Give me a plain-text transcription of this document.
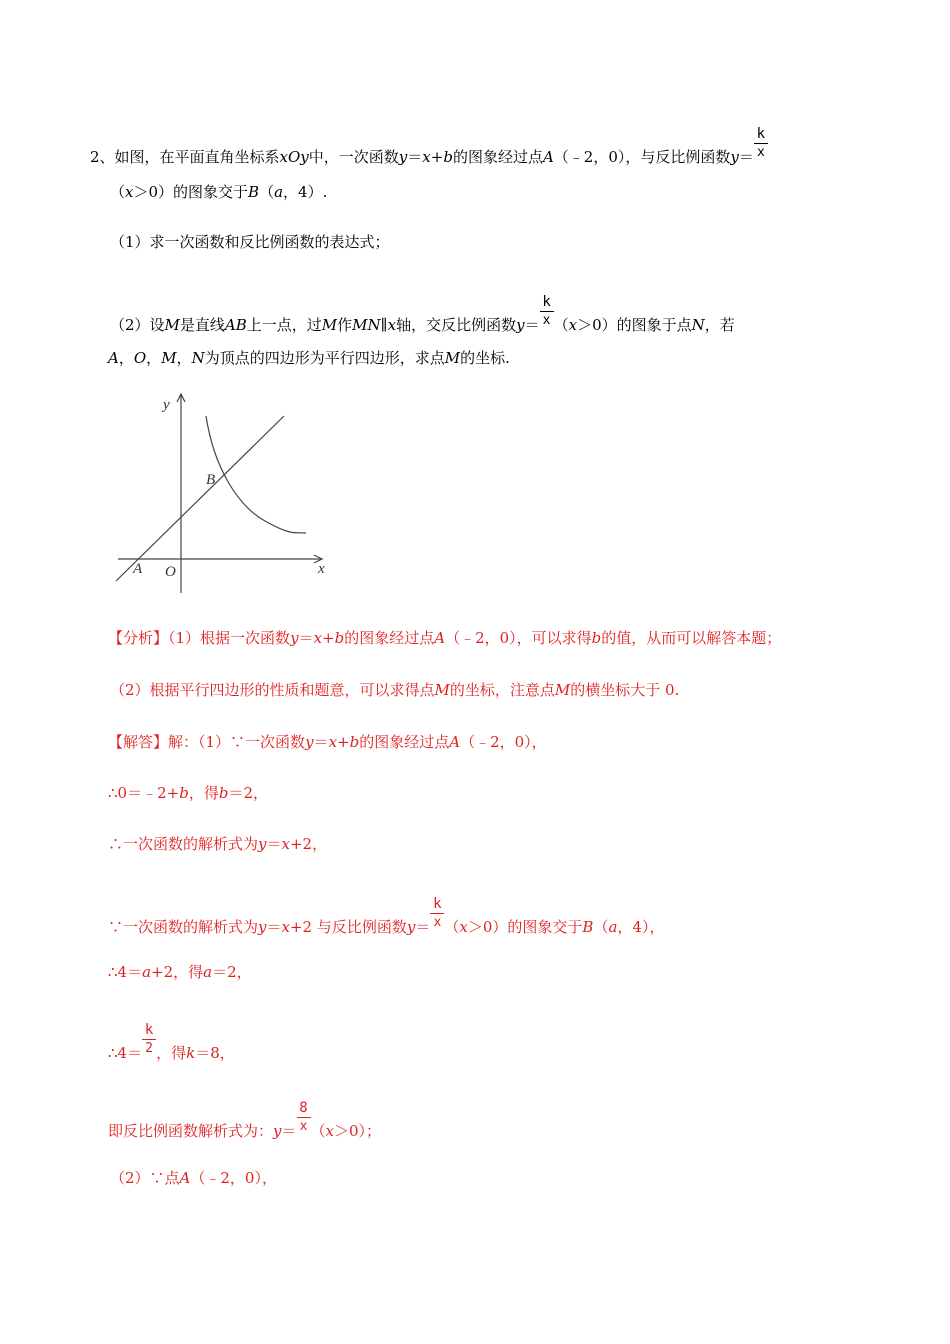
2、如图，在平面直角坐标系xOy中，一次函数y＝x+b的图象经过点A（﹣2，0），与反比例函数$y= \frac{k}{x}$
（x＞0）的图象交于B（a，4）.
（1）求一次函数和反比例函数的表达式；
（2）设M是直线AB上一点，过M作MN∥x轴，交反比例函数$y= \frac{k}{x} (x>0)$的图象于点N，若
A，O，M，N为顶点的四边形为平行四边形，求点M的坐标.
y
x
B
A O
【分析】（1）根据一次函数y＝x+b的图象经过点A（﹣2，0），可以求得b的值，从而可以解答本题；
（2）根据平行四边形的性质和题意，可以求得点M的坐标，注意点M的横坐标大于 0.
【解答】解：（1）∵一次函数y＝x+b的图象经过点A（﹣2，0），
∴0＝﹣2+b，得b＝2，
∴一次函数的解析式为y＝x+2，
∵一次函数的解析式为y＝x+2 与反比例函数$y= \frac{k}{x} (x>0)$的图象交于B（a，4），
∴4＝a+2，得a＝2，
∴4＝ $\frac{k}{2}$ ，得k＝8，
即反比例函数解析式为：$y= \frac{8}{x} (x>0)$；
（2）∵点A（﹣2，0），
